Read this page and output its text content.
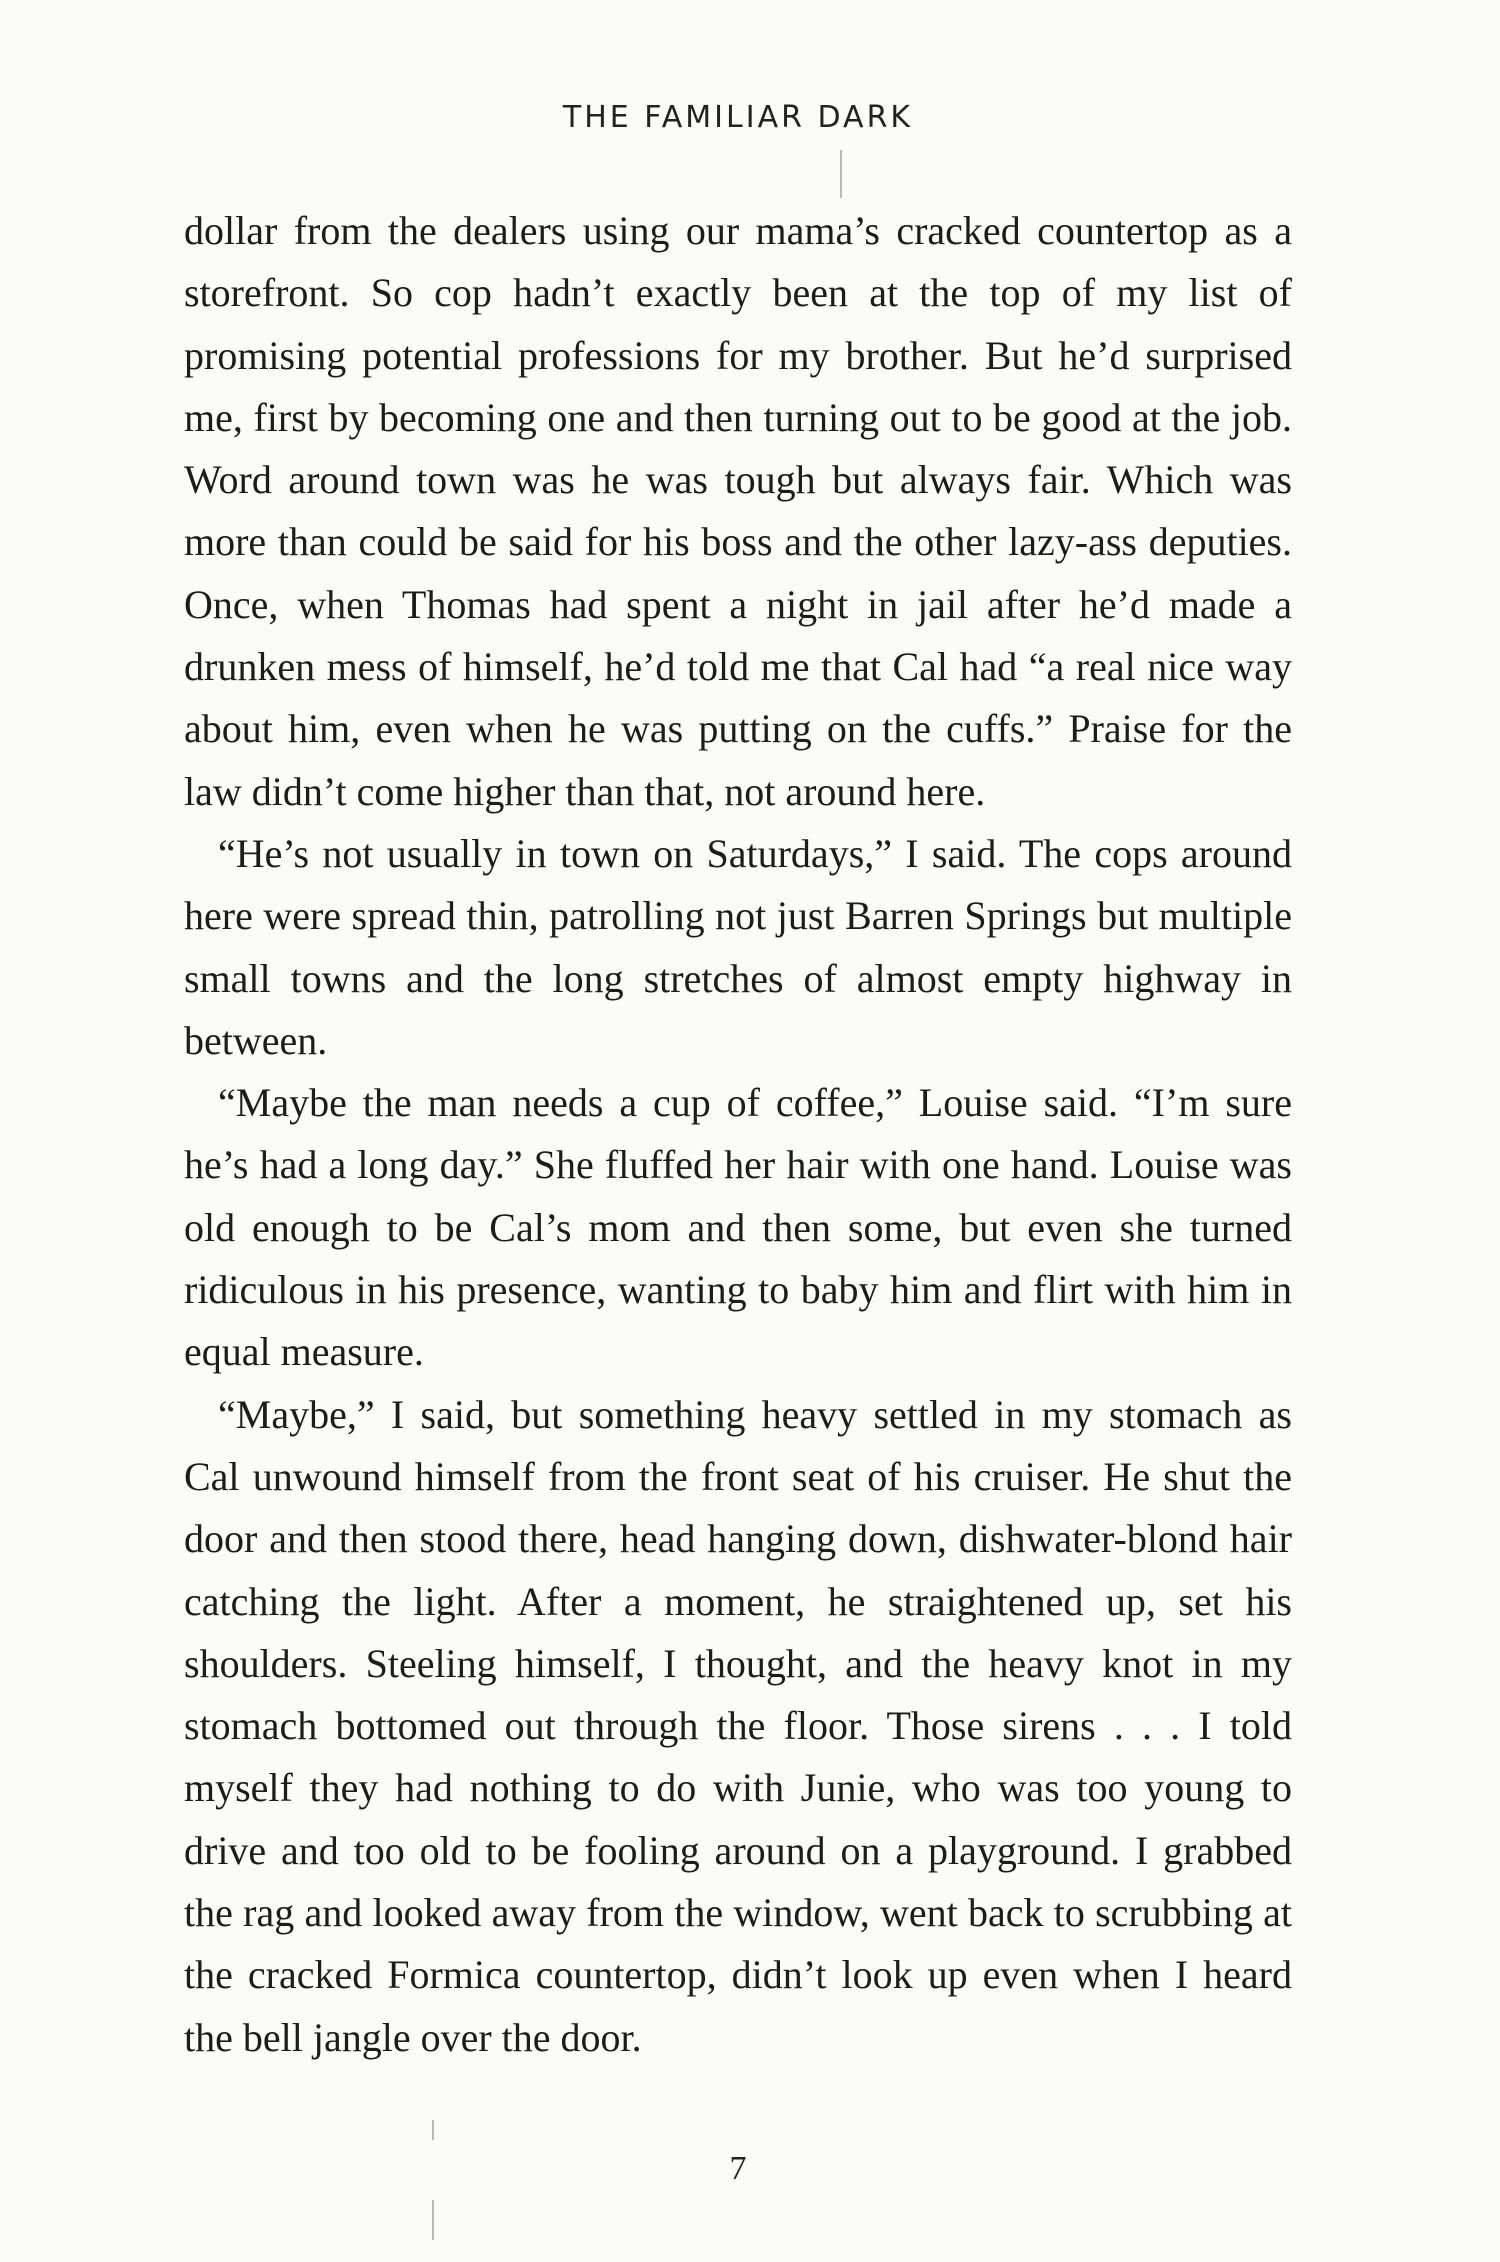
THE FAMILIAR DARK

dollar from the dealers using our mama’s cracked countertop as a storefront. So cop hadn’t exactly been at the top of my list of promising potential professions for my brother. But he’d surprised me, first by becoming one and then turning out to be good at the job. Word around town was he was tough but always fair. Which was more than could be said for his boss and the other lazy-ass deputies. Once, when Thomas had spent a night in jail after he’d made a drunken mess of himself, he’d told me that Cal had “a real nice way about him, even when he was putting on the cuffs.” Praise for the law didn’t come higher than that, not around here.

“He’s not usually in town on Saturdays,” I said. The cops around here were spread thin, patrolling not just Barren Springs but multiple small towns and the long stretches of almost empty highway in between.

“Maybe the man needs a cup of coffee,” Louise said. “I’m sure he’s had a long day.” She fluffed her hair with one hand. Louise was old enough to be Cal’s mom and then some, but even she turned ridiculous in his presence, wanting to baby him and flirt with him in equal measure.

“Maybe,” I said, but something heavy settled in my stomach as Cal unwound himself from the front seat of his cruiser. He shut the door and then stood there, head hanging down, dishwater-blond hair catching the light. After a moment, he straightened up, set his shoulders. Steeling himself, I thought, and the heavy knot in my stomach bottomed out through the floor. Those sirens . . . I told myself they had nothing to do with Junie, who was too young to drive and too old to be fooling around on a playground. I grabbed the rag and looked away from the window, went back to scrubbing at the cracked Formica countertop, didn’t look up even when I heard the bell jangle over the door.

7
